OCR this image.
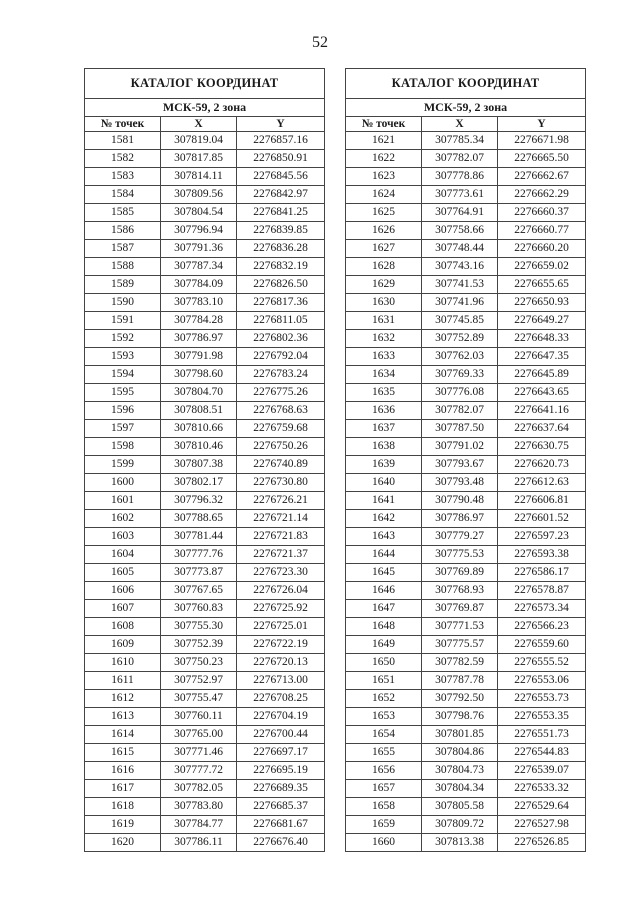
52
КАТАЛОГ КООРДИНАТ		
МСК-59, 2 зона		
№ точек	X	Y
1581	307819.04	2276857.16
1582	307817.85	2276850.91
1583	307814.11	2276845.56
1584	307809.56	2276842.97
1585	307804.54	2276841.25
1586	307796.94	2276839.85
1587	307791.36	2276836.28
1588	307787.34	2276832.19
1589	307784.09	2276826.50
1590	307783.10	2276817.36
1591	307784.28	2276811.05
1592	307786.97	2276802.36
1593	307791.98	2276792.04
1594	307798.60	2276783.24
1595	307804.70	2276775.26
1596	307808.51	2276768.63
1597	307810.66	2276759.68
1598	307810.46	2276750.26
1599	307807.38	2276740.89
1600	307802.17	2276730.80
1601	307796.32	2276726.21
1602	307788.65	2276721.14
1603	307781.44	2276721.83
1604	307777.76	2276721.37
1605	307773.87	2276723.30
1606	307767.65	2276726.04
1607	307760.83	2276725.92
1608	307755.30	2276725.01
1609	307752.39	2276722.19
1610	307750.23	2276720.13
1611	307752.97	2276713.00
1612	307755.47	2276708.25
1613	307760.11	2276704.19
1614	307765.00	2276700.44
1615	307771.46	2276697.17
1616	307777.72	2276695.19
1617	307782.05	2276689.35
1618	307783.80	2276685.37
1619	307784.77	2276681.67
1620	307786.11	2276676.40
КАТАЛОГ КООРДИНАТ		
МСК-59, 2 зона		
№ точек	X	Y
1621	307785.34	2276671.98
1622	307782.07	2276665.50
1623	307778.86	2276662.67
1624	307773.61	2276662.29
1625	307764.91	2276660.37
1626	307758.66	2276660.77
1627	307748.44	2276660.20
1628	307743.16	2276659.02
1629	307741.53	2276655.65
1630	307741.96	2276650.93
1631	307745.85	2276649.27
1632	307752.89	2276648.33
1633	307762.03	2276647.35
1634	307769.33	2276645.89
1635	307776.08	2276643.65
1636	307782.07	2276641.16
1637	307787.50	2276637.64
1638	307791.02	2276630.75
1639	307793.67	2276620.73
1640	307793.48	2276612.63
1641	307790.48	2276606.81
1642	307786.97	2276601.52
1643	307779.27	2276597.23
1644	307775.53	2276593.38
1645	307769.89	2276586.17
1646	307768.93	2276578.87
1647	307769.87	2276573.34
1648	307771.53	2276566.23
1649	307775.57	2276559.60
1650	307782.59	2276555.52
1651	307787.78	2276553.06
1652	307792.50	2276553.73
1653	307798.76	2276553.35
1654	307801.85	2276551.73
1655	307804.86	2276544.83
1656	307804.73	2276539.07
1657	307804.34	2276533.32
1658	307805.58	2276529.64
1659	307809.72	2276527.98
1660	307813.38	2276526.85
